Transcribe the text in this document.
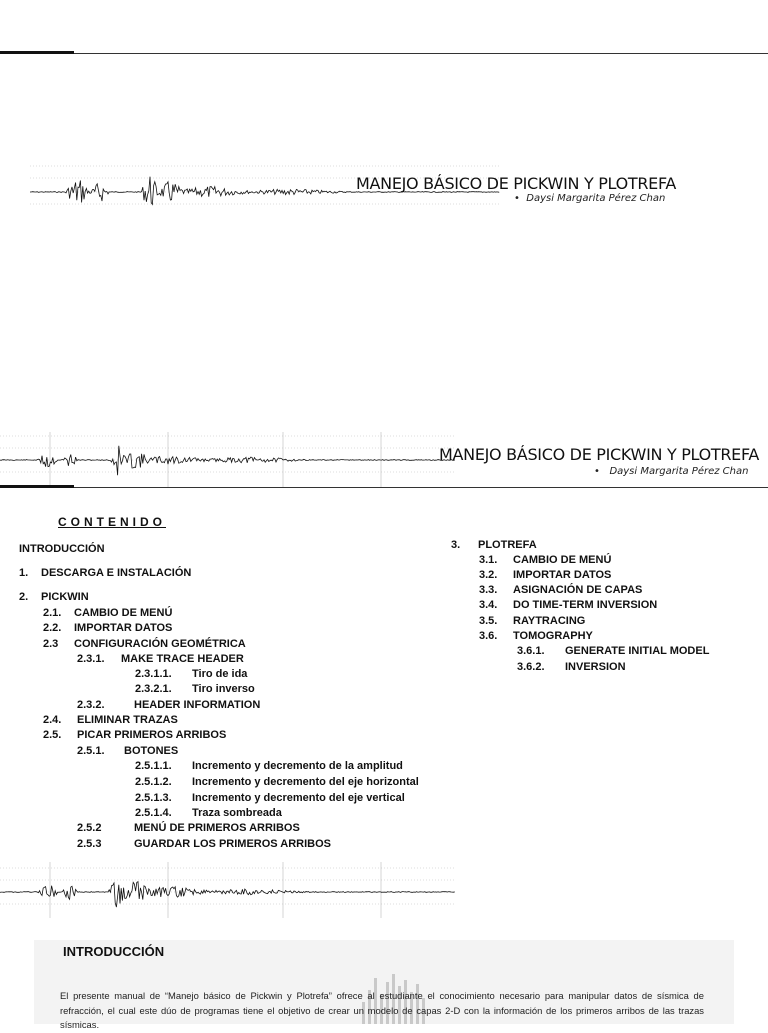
MANEJO BÁSICO DE PICKWIN Y PLOTREFA
•  Daysi Margarita Pérez Chan
MANEJO BÁSICO DE PICKWIN Y PLOTREFA
•   Daysi Margarita Pérez Chan
CONTENIDO
INTRODUCCIÓN
1. DESCARGA E INSTALACIÓN
2. PICKWIN
2.1. CAMBIO DE MENÚ
2.2. IMPORTAR DATOS
2.3 CONFIGURACIÓN GEOMÉTRICA
2.3.1. MAKE TRACE HEADER
2.3.1.1. Tiro de ida
2.3.2.1. Tiro inverso
2.3.2.	HEADER INFORMATION
2.4. ELIMINAR TRAZAS
2.5. PICAR PRIMEROS ARRIBOS
2.5.1. BOTONES
2.5.1.1. Incremento y decremento de la amplitud
2.5.1.2. Incremento y decremento del eje horizontal
2.5.1.3. Incremento y decremento del eje vertical
2.5.1.4. Traza sombreada
2.5.2	MENÚ DE PRIMEROS ARRIBOS
2.5.3	GUARDAR LOS PRIMEROS ARRIBOS
3. PLOTREFA
3.1. CAMBIO DE MENÚ
3.2. IMPORTAR DATOS
3.3. ASIGNACIÓN DE CAPAS
3.4. DO TIME-TERM INVERSION
3.5. RAYTRACING
3.6. TOMOGRAPHY
3.6.1. GENERATE INITIAL MODEL
3.6.2. INVERSION
INTRODUCCIÓN
El presente manual de “Manejo básico de Pickwin y Plotrefa” ofrece al estudiante el conocimiento necesario para manipular datos de sísmica de refracción, el cual este dúo de programas tiene el objetivo de crear un modelo de capas 2-D con la información de los primeros arribos de las trazas sísmicas.
